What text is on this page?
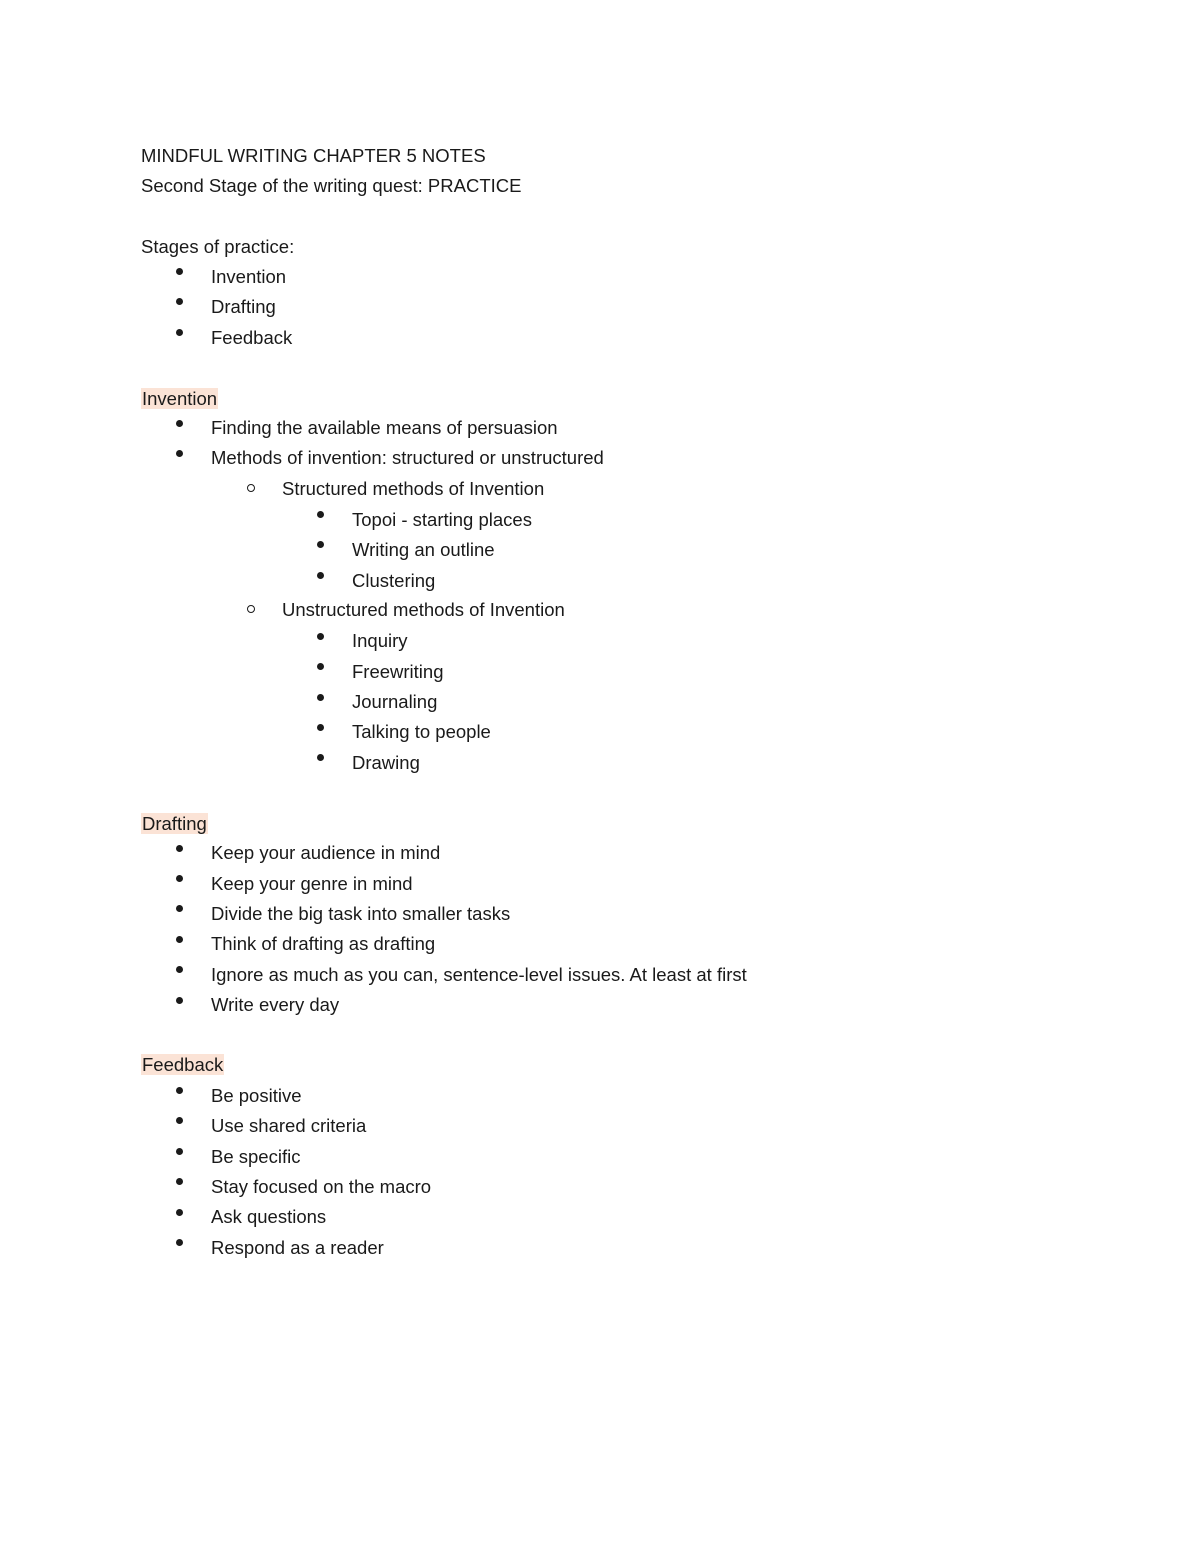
MINDFUL WRITING CHAPTER 5 NOTES
Second Stage of the writing quest: PRACTICE
Stages of practice:
Invention
Drafting
Feedback
Invention
Finding the available means of persuasion
Methods of invention: structured or unstructured
Structured methods of Invention
Topoi - starting places
Writing an outline
Clustering
Unstructured methods of Invention
Inquiry
Freewriting
Journaling
Talking to people
Drawing
Drafting
Keep your audience in mind
Keep your genre in mind
Divide the big task into smaller tasks
Think of drafting as drafting
Ignore as much as you can, sentence-level issues. At least at first
Write every day
Feedback
Be positive
Use shared criteria
Be specific
Stay focused on the macro
Ask questions
Respond as a reader
